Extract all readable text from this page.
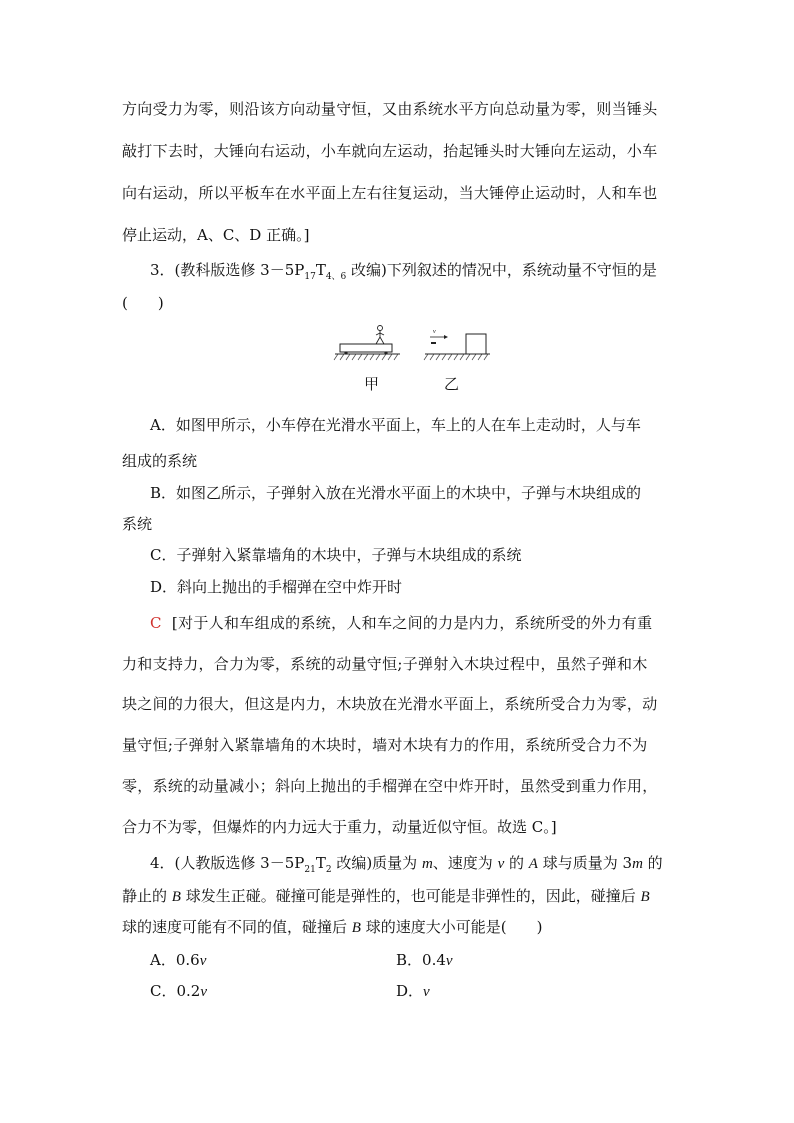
方向受力为零，则沿该方向动量守恒，又由系统水平方向总动量为零，则当锤头
敲打下去时，大锤向右运动，小车就向左运动，抬起锤头时大锤向左运动，小车
向右运动，所以平板车在水平面上左右往复运动，当大锤停止运动时，人和车也
停止运动，A、C、D 正确。]
3．(教科版选修 $3-5P_{17}T_{4、6}$ 改编)下列叙述的情况中，系统动量不守恒的是
(　　)
v
甲	乙
A．如图甲所示，小车停在光滑水平面上，车上的人在车上走动时，人与车
组成的系统
B．如图乙所示，子弹射入放在光滑水平面上的木块中，子弹与木块组成的
系统
C．子弹射入紧靠墙角的木块中，子弹与木块组成的系统
D．斜向上抛出的手榴弹在空中炸开时
C [对于人和车组成的系统，人和车之间的力是内力，系统所受的外力有重
力和支持力，合力为零，系统的动量守恒;子弹射入木块过程中，虽然子弹和木
块之间的力很大，但这是内力，木块放在光滑水平面上，系统所受合力为零，动
量守恒;子弹射入紧靠墙角的木块时，墙对木块有力的作用，系统所受合力不为
零，系统的动量减小；斜向上抛出的手榴弹在空中炸开时，虽然受到重力作用，
合力不为零，但爆炸的内力远大于重力，动量近似守恒。故选 C。]
4．(人教版选修 $3-5P_{21}T_2$ 改编)质量为 m、速度为 v 的 A 球与质量为 3m 的
静止的 B 球发生正碰。碰撞可能是弹性的，也可能是非弹性的，因此，碰撞后 B
球的速度可能有不同的值，碰撞后 B 球的速度大小可能是(　　)
A．0.6v	B．0.4v
C．0.2v	D．v
